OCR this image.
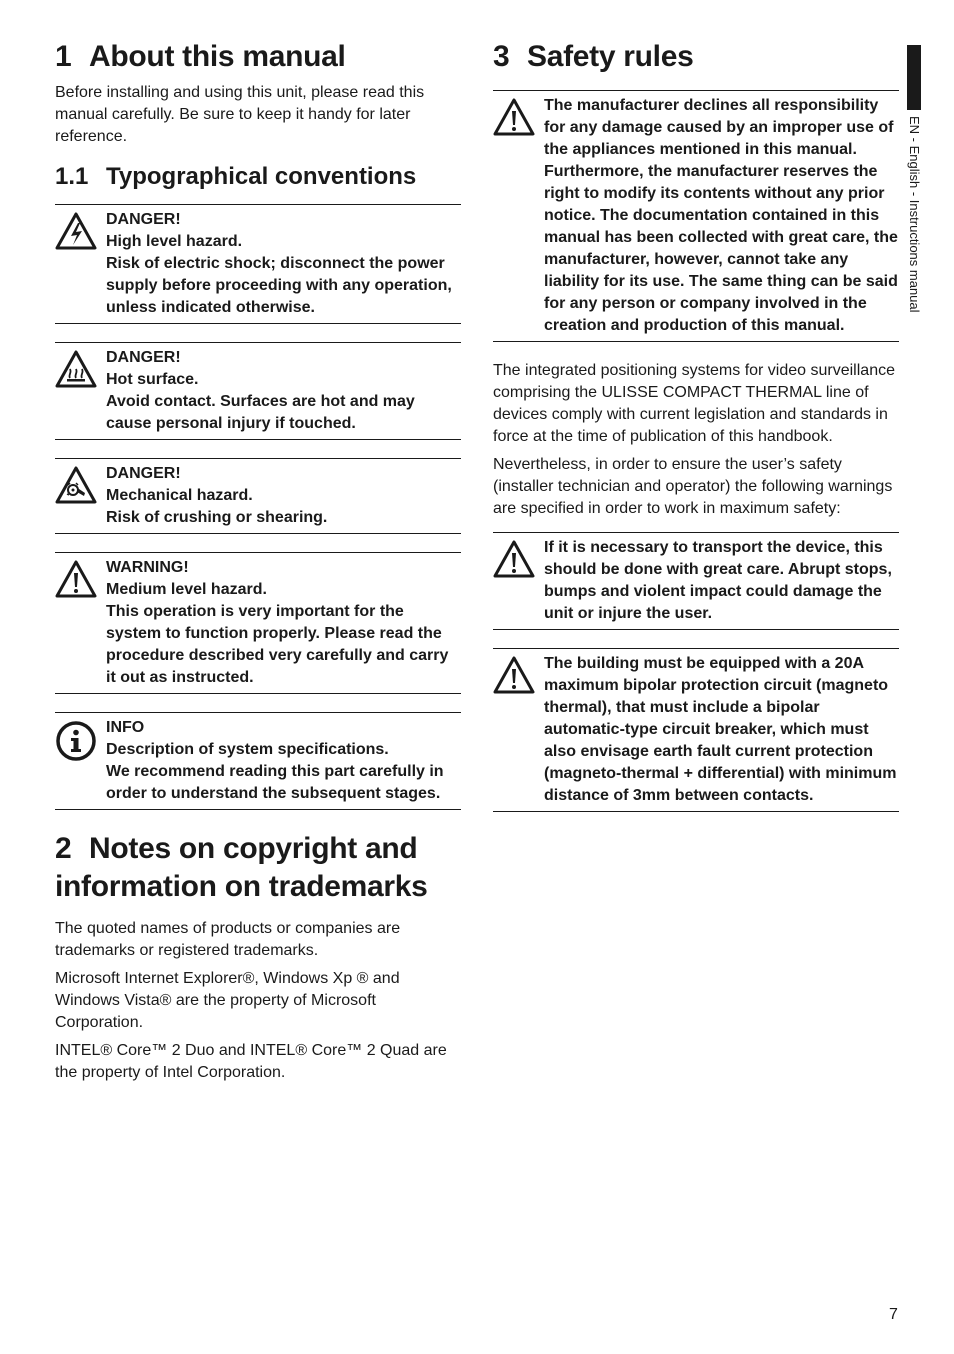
1 About this manual

Before installing and using this unit, please read this manual carefully. Be sure to keep it handy for later reference.

1.1 Typographical conventions
DANGER!
High level hazard.
Risk of electric shock; disconnect the power supply before proceeding with any operation, unless indicated otherwise.
DANGER!
Hot surface.
Avoid contact. Surfaces are hot and may cause personal injury if touched.
DANGER!
Mechanical hazard.
Risk of crushing or shearing.
WARNING!
Medium level hazard.
This operation is very important for the system to function properly. Please read the procedure described very carefully and carry it out as instructed.
INFO
Description of system specifications.
We recommend reading this part carefully in order to understand the subsequent stages.
2 Notes on copyright and
information on trademarks

The quoted names of products or companies are trademarks or registered trademarks.

Microsoft Internet Explorer®, Windows Xp ® and Windows Vista® are the property of Microsoft Corporation.

INTEL® Core™ 2 Duo and INTEL® Core™ 2 Quad are the property of Intel Corporation.

3 Safety rules
The manufacturer declines all responsibility for any damage caused by an improper use of the appliances mentioned in this manual. Furthermore, the manufacturer reserves the right to modify its contents without any prior notice. The documentation contained in this manual has been collected with great care, the manufacturer, however, cannot take any liability for its use. The same thing can be said for any person or company involved in the creation and production of this manual.

The integrated positioning systems for video surveillance comprising the ULISSE COMPACT THERMAL line of devices comply with current legislation and standards in force at the time of publication of this handbook.

Nevertheless, in order to ensure the user’s safety (installer technician and operator) the following warnings are specified in order to work in maximum safety:

If it is necessary to transport the device, this should be done with great care. Abrupt stops, bumps and violent impact could damage the unit or injure the user.
The building must be equipped with a 20A maximum bipolar protection circuit (magneto thermal), that must include a bipolar automatic-type circuit breaker, which must also envisage earth fault current protection (magneto-thermal + differential) with minimum distance of 3mm between contacts.
EN - English - Instructions manual
7
